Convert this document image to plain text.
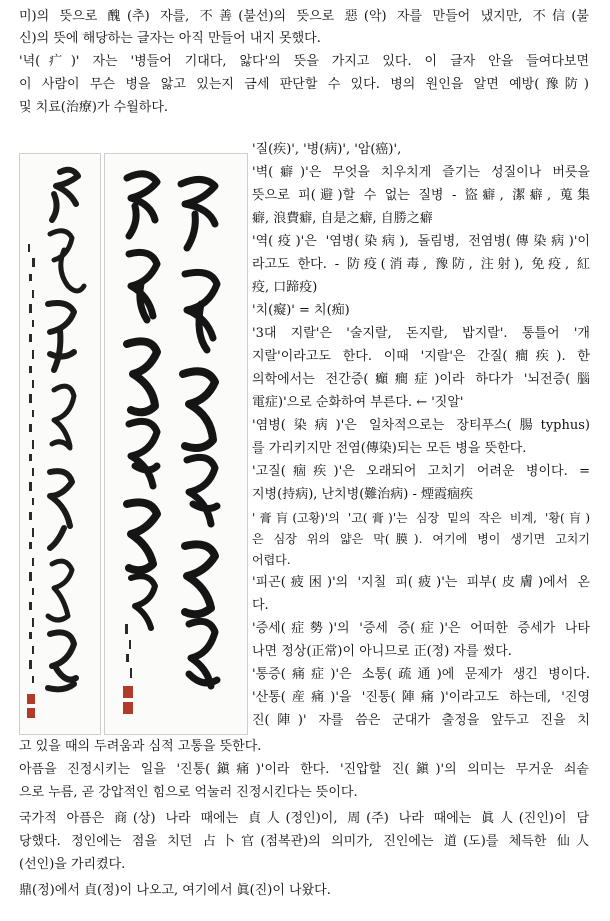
미)의 뜻으로 醜(추) 자를, 不善(불선)의 뜻으로 惡(악) 자를 만들어 냈지만, 不信(불
신)의 뜻에 해당하는 글자는 아직 만들어 내지 못했다.
'녁(疒)' 자는 '병들어 기대다, 앓다'의 뜻을 가지고 있다. 이 글자 안을 들여다보면
이 사람이 무슨 병을 앓고 있는지 금세 판단할 수 있다. 병의 원인을 알면 예방(豫防)
및 치료(治療)가 수월하다.
'질(疾)', '병(病)', '암(癌)',
'벽(癖)'은 무엇을 치우치게 즐기는 성질이나 버릇을
뜻으로 피(避)할 수 없는 질병 - 盜癖, 潔癖, 蒐集
癖, 浪費癖, 自是之癖, 自勝之癖
'역(疫)'은 '염병(染病), 돌림병, 전염병(傳染病)'이
라고도 한다. - 防疫(消毒, 豫防, 注射), 免疫, 紅
疫, 口蹄疫)
'치(癡)' = 치(痴)
'3대 지랄'은 '술지랄, 돈지랄, 밥지랄'. 통틀어 '개
지랄'이라고도 한다. 이때 '지랄'은 간질(癎疾). 한
의학에서는 전간증(癲癎症)이라 하다가 '뇌전증(腦
電症)'으로 순화하여 부른다. ← '짓알'
'염병(染病)'은 일차적으로는 장티푸스(腸typhus)
를 가리키지만 전염(傳染)되는 모든 병을 뜻한다.
'고질(痼疾)'은 오래되어 고치기 어려운 병이다. =
지병(持病), 난치병(難治病) - 煙霞痼疾
'膏肓(고황)'의 '고(膏)'는 심장 밑의 작은 비계, '황(肓)
은 심장 위의 얇은 막(膜). 여기에 병이 생기면 고치기
어렵다.
'피곤(疲困)'의 '지칠 피(疲)'는 피부(皮膚)에서 온
다.
'증세(症勢)'의 '증세 증(症)'은 어떠한 증세가 나타
나면 정상(正常)이 아니므로 正(정) 자를 썼다.
'통증(痛症)'은 소통(疏通)에 문제가 생긴 병이다.
'산통(産痛)'을 '진통(陣痛)'이라고도 하는데, '진영
진(陣)' 자를 씀은 군대가 출정을 앞두고 진을 치
고 있을 때의 두려움과 심적 고통을 뜻한다.
아픔을 진정시키는 일을 '진통(鎭痛)'이라 한다. '진압할 진(鎭)'의 의미는 무거운 쇠솥
으로 누름, 곧 강압적인 힘으로 억눌러 진정시킨다는 뜻이다.
국가적 아픔은 商(상) 나라 때에는 貞人(정인)이, 周(주) 나라 때에는 眞人(진인)이 담
당했다. 정인에는 점을 치던 占卜官(점복관)의 의미가, 진인에는 道(도)를 체득한 仙人
(선인)을 가리켰다.
鼎(정)에서 貞(정)이 나오고, 여기에서 眞(진)이 나왔다.
